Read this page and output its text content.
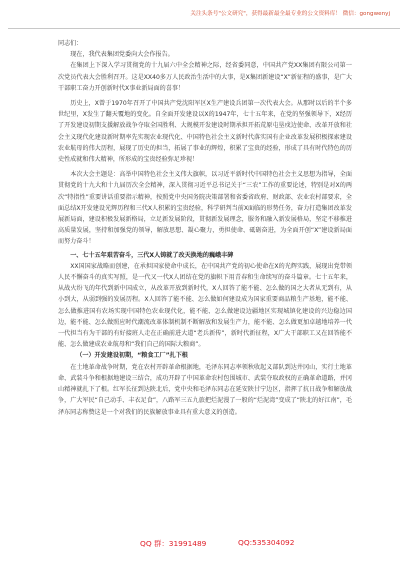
关注头条号"公文研究"，获得最新最全最专业的公文资料库！ 微信：gongwenyj

同志们：

现在，我代表集团党委向大会作报告。

在集团上下深入学习贯彻党的十九届六中全会精神之际，经省委同意，中国共产党XX集团有限公司第一次党员代表大会胜利召开。这是XX40多万人民政治生活中的大事，是X集团新建设“X”新征程的盛事，是广大干部职工奋力开创新时代X事业新局面的喜事！

历史上，X曾于1970年召开了中国共产党沈阳军区X生产建设兵团第一次代表大会。从那时以后的半个多世纪里，X发生了翻天覆地的变化。自全面开发建设以X的1947年，七十五年来，在党的坚强领导下，X经历了开发建设初期支援解放战争夺取全国胜利、大规模开发建设时期承担开拓荒原屯垦戍边使命、改革开放和社会主义现代化建设新时期率先实现农业现代化、中国特色社会主义新时代落实国有企业改革发展积极探索建设农业航母的伟大历程，展现了历史的担当，拓展了事业的辉煌，积累了宝贵的经验，形成了具有时代特色的历史性成就和伟大精神，所形成的宝贵经验弥足珍视！

本次大会主题是：高举中国特色社会主义伟大旗帜，以习近平新时代中国特色社会主义思想为指导，全面贯彻党的十九大和十九届历次全会精神，深入贯彻习近平总书记关于“三农”工作的重要论述，特别是对X的两次“特指性”重要讲话重要指示精神，按照党中央国务院决策部署和省委省政府、财政部、农业农村部要求，全面总结X开发建设光辉历程和三代X人积累的宝贵经验，科学研判当前X面临的形势任务，奋力打造集团改革发展新局面，建设积极发展新格局，立足新发展阶段，贯彻新发展理念，服务和融入新发展格局，坚定不移推进高质量发展，坚持和加强党的领导，解放思想、凝心聚力，勇担使命、砥砺奋进，为全面开创“X”建设新局面而努力奋斗！

一、七十五年艰苦奋斗，三代X人铸就了改天换地的巍峨丰碑

XX国国家战略而创建，在承担国家使命中成长，在中国共产党的初心使命在X的光辉实践，展现出党带领人民不懈奋斗的真实写照，是一代又一代X人团结在党的旗帜下用青春和生命续写的奋斗篇章。七十五年来，从战火纷飞的年代到新中国成立，从改革开放到新时代，X人回答了能不能、怎么做的国之大者从无到有，从小到大，从弱到强的发展历程。X人回答了能不能、怎么做如何建设成为国家重要商品粮生产基地，能不能、怎么做推进国有农场实现中国特色农业现代化，能不能、怎么做建设边疆地区实现城镇化建设的兴边稳边国边，能不能、怎么做照应时代潮流改革体制机制不断解放和发展生产力，能不能、怎么做更加卓越地培养一代一代担当有为干部的有好接班人走在正确前进大道“老兵新传”，新时代新征程，X广大干部职工又在回答能不能、怎么做建成农业航母和“我们自己的国际大粮商”。

（一）开发建设初期，“粮食工厂”扎下根

在土地革命战争时期，党在农村开辟革命根据地，毛泽东同志率领秋收起义部队到达井冈山，实行土地革命、武装斗争和根据地建设三结合，成功开辟了中国革命农村包围城市、武装夺取政权的正确革命道路，并冈山精神就扎下了根。红军长征到达陕北后，党中央和毛泽东同志在延安陕甘宁边区，指挥了抗日战争和解放战争，广大军民“自己动手、丰衣足食”，八路军三五九旅把烂泥漫了一般的“烂泥湾”变成了“陕北的好江南”，毛泽东同志称赞这是一个对我们的民族解放事业具有重大意义的创造。

QQ 群：31991489	QQ:535304092
